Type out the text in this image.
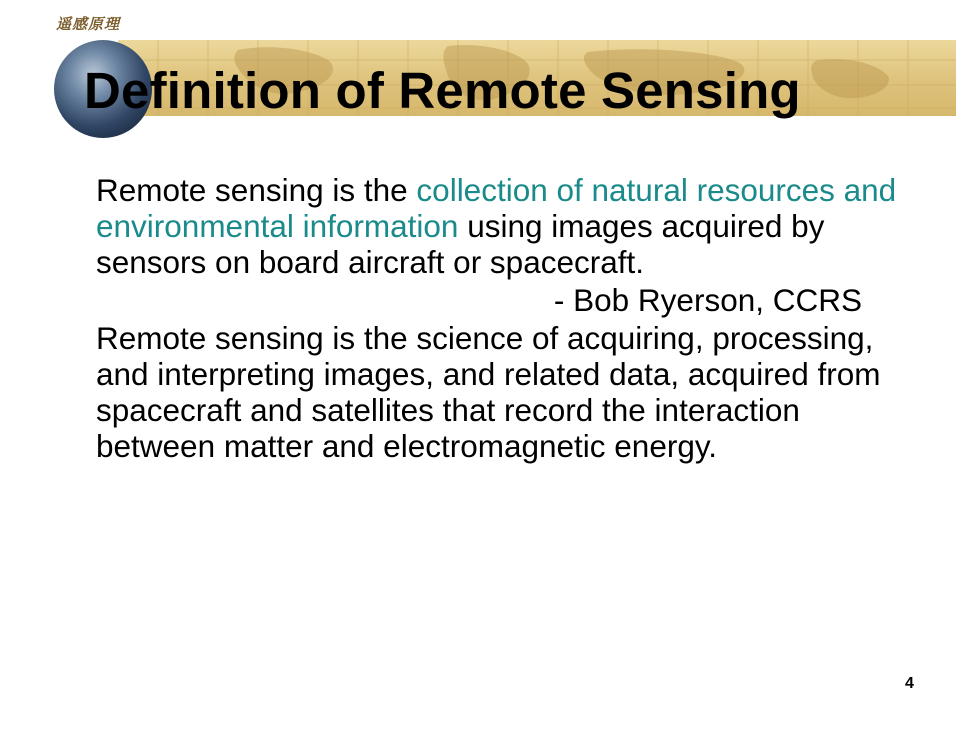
遥感原理
Definition of Remote Sensing

Remote sensing is the collection of natural resources and environmental information using images acquired by sensors on board aircraft or spacecraft.

- Bob Ryerson, CCRS

Remote sensing is the science of acquiring, processing, and interpreting images, and related data, acquired from spacecraft and satellites that record the interaction between matter and electromagnetic energy.

4
